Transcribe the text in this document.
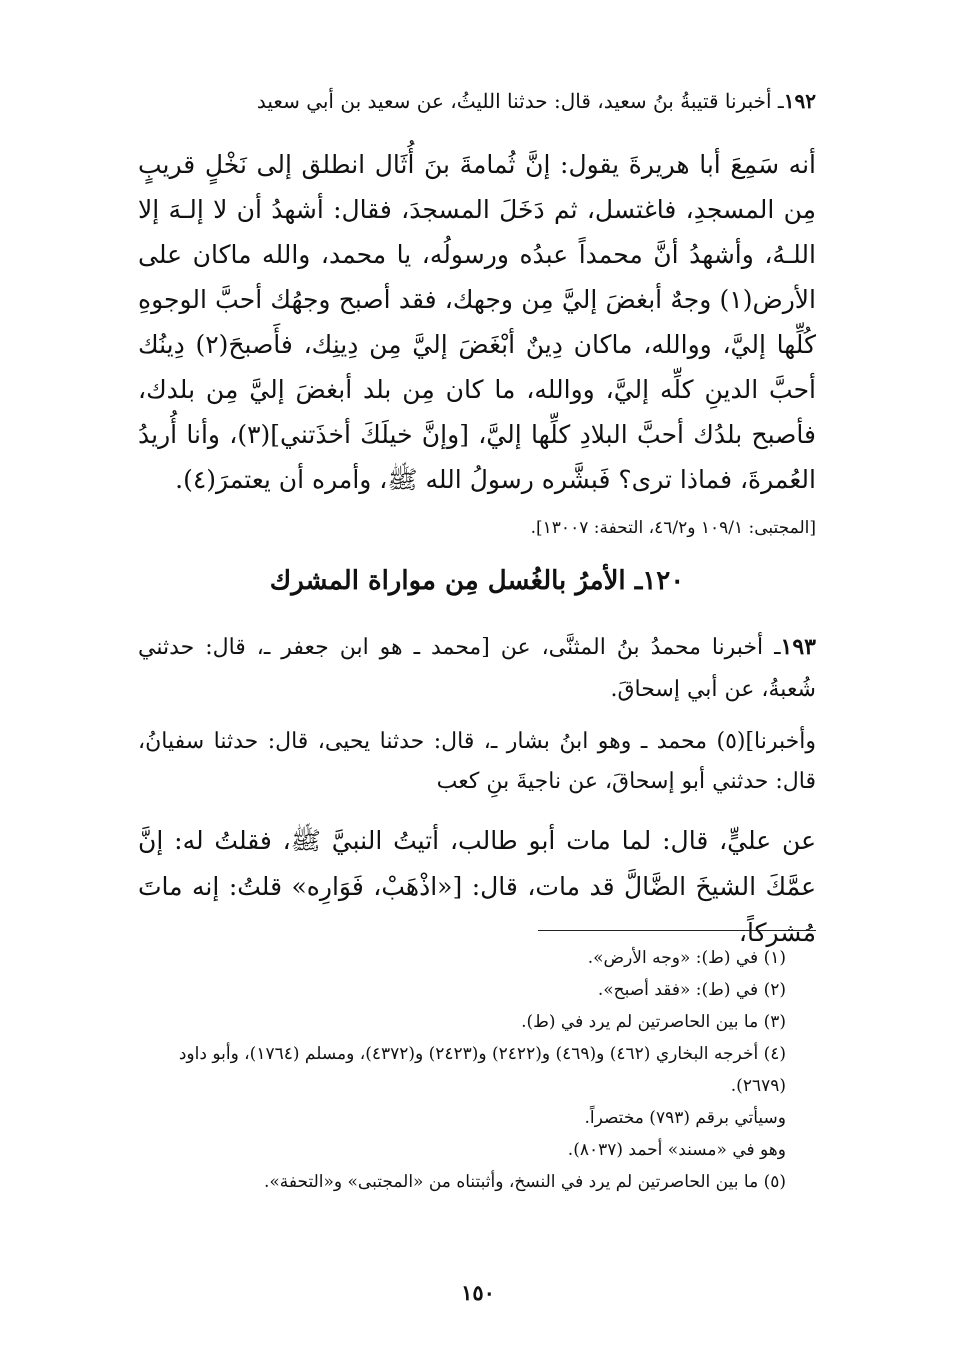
١٩٢ـ أخبرنا قتيبةُ بنُ سعيد، قال: حدثنا الليثُ، عن سعيد بن أبي سعيد

أنه سَمِعَ أبا هريرةَ يقول: إنَّ ثُمامةَ بنَ أُثَال انطلق إلى نَخْلٍ قريبٍ مِن المسجدِ، فاغتسل، ثم دَخَلَ المسجدَ، فقال: أشهدُ أن لا إلـهَ إلا اللـهُ، وأشهدُ أنَّ محمداً عبدُه ورسولُه، يا محمد، والله ماكان على الأرض(١) وجهٌ أبغضَ إليَّ مِن وجهك، فقد أصبح وجهُك أحبَّ الوجوهِ كُلِّها إليَّ، ووالله، ماكان دِينٌ أبْغَضَ إليَّ مِن دِينِك، فأَصبحَ(٢) دِينُك أحبَّ الدينِ كلِّه إليَّ، ووالله، ما كان مِن بلد أبغضَ إليَّ مِن بلدك، فأصبح بلدُك أحبَّ البلادِ كلِّها إليَّ، [وإنَّ خيلَكَ أخذَتني](٣)، وأنا أُريدُ العُمرةَ، فماذا ترى؟ فَبشَّره رسولُ الله ﷺ، وأمره أن يعتمرَ(٤).

[المجتبى: ١٠٩/١ و٤٦/٢، التحفة: ١٣٠٠٧].

١٢٠ـ الأمرُ بالغُسل مِن مواراة المشرك

١٩٣ـ أخبرنا محمدُ بنُ المثنَّى، عن [محمد ـ هو ابن جعفر ـ، قال: حدثني شُعبةُ، عن أبي إسحاقَ.

وأخبرنا](٥) محمد ـ وهو ابنُ بشار ـ، قال: حدثنا يحيى، قال: حدثنا سفيانُ، قال: حدثني أبو إسحاقَ، عن ناجيةَ بنِ كعب

عن عليٍّ، قال: لما مات أبو طالب، أتيتُ النبيَّ ﷺ، فقلتُ له: إنَّ عمَّكَ الشيخَ الضَّالَّ قد مات، قال: [«اذْهَبْ، فَوَارِه» قلتُ: إنه ماتَ مُشركاً،

(١) في (ط): «وجه الأرض».
(٢) في (ط): «فقد أصبح».
(٣) ما بين الحاصرتين لم يرد في (ط).
(٤) أخرجه البخاري (٤٦٢) و(٤٦٩) و(٢٤٢٢) و(٢٤٢٣) و(٤٣٧٢)، ومسلم (١٧٦٤)، وأبو داود (٢٦٧٩).
وسيأتي برقم (٧٩٣) مختصراً.
وهو في «مسند» أحمد (٨٠٣٧).
(٥) ما بين الحاصرتين لم يرد في النسخ، وأثبتناه من «المجتبى» و«التحفة».
١٥٠
